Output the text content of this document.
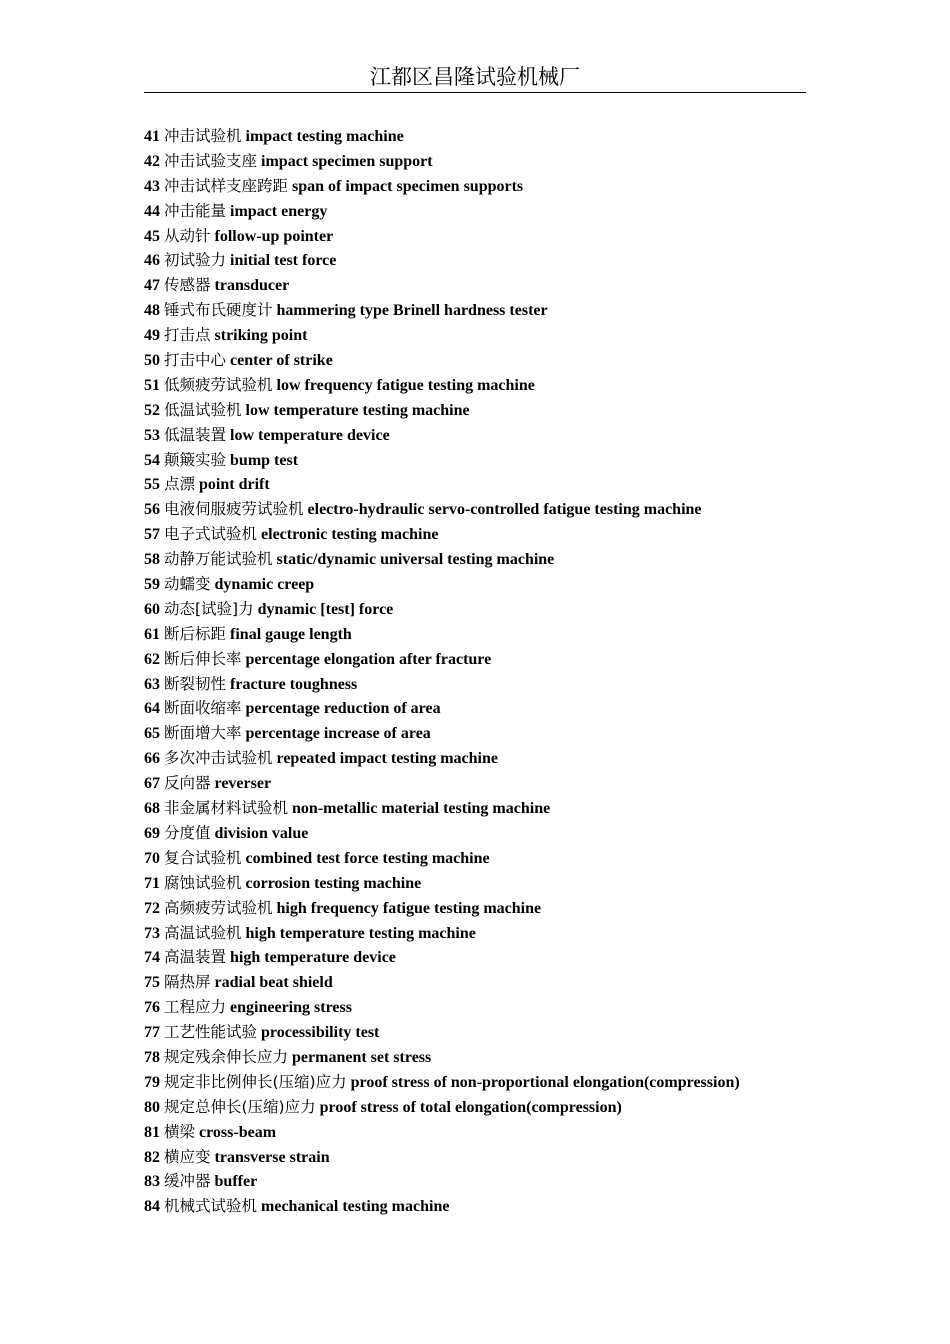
江都区昌隆试验机械厂
41 冲击试验机 impact testing machine
42 冲击试验支座 impact specimen support
43 冲击试样支座跨距 span of impact specimen supports
44 冲击能量 impact energy
45 从动针 follow-up pointer
46 初试验力 initial test force
47 传感器 transducer
48 锤式布氏硬度计 hammering type Brinell hardness tester
49 打击点 striking point
50 打击中心 center of strike
51 低频疲劳试验机 low frequency fatigue testing machine
52 低温试验机 low temperature testing machine
53 低温装置 low temperature device
54 颠簸实验 bump test
55 点漂 point drift
56 电液伺服疲劳试验机 electro-hydraulic servo-controlled fatigue testing machine
57 电子式试验机 electronic testing machine
58 动静万能试验机 static/dynamic universal testing machine
59 动蠕变 dynamic creep
60 动态[试验]力 dynamic [test] force
61 断后标距 final gauge length
62 断后伸长率 percentage elongation after fracture
63 断裂韧性 fracture toughness
64 断面收缩率 percentage reduction of area
65 断面增大率 percentage increase of area
66 多次冲击试验机 repeated impact testing machine
67 反向器 reverser
68 非金属材料试验机 non-metallic material testing machine
69 分度值 division value
70 复合试验机 combined test force testing machine
71 腐蚀试验机 corrosion testing machine
72 高频疲劳试验机 high frequency fatigue testing machine
73 高温试验机 high temperature testing machine
74 高温装置 high temperature device
75 隔热屏 radial beat shield
76 工程应力 engineering stress
77 工艺性能试验 processibility test
78 规定残余伸长应力 permanent set stress
79 规定非比例伸长(压缩)应力 proof stress of non-proportional elongation(compression)
80 规定总伸长(压缩)应力 proof stress of total elongation(compression)
81 横梁 cross-beam
82 横应变 transverse strain
83 缓冲器 buffer
84 机械式试验机 mechanical testing machine
